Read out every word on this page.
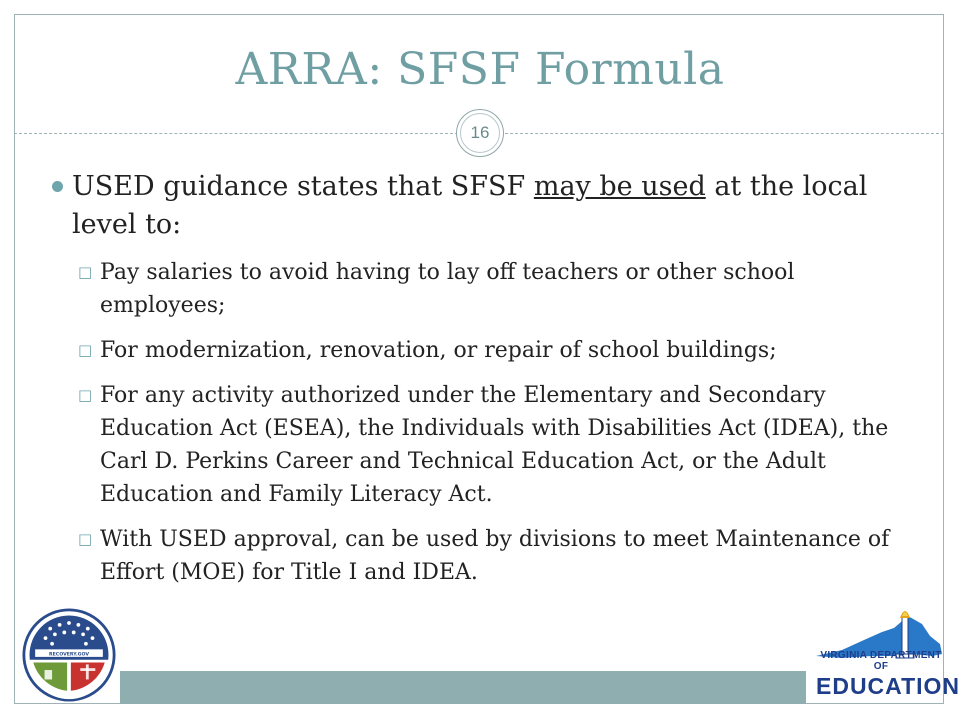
ARRA: SFSF Formula
16
USED guidance states that SFSF may be used at the local level to:
□ Pay salaries to avoid having to lay off teachers or other school employees;
□ For modernization, renovation, or repair of school buildings;
□ For any activity authorized under the Elementary and Secondary Education Act (ESEA), the Individuals with Disabilities Act (IDEA), the Carl D. Perkins Career and Technical Education Act, or the Adult Education and Family Literacy Act.
□ With USED approval, can be used by divisions to meet Maintenance of Effort (MOE) for Title I and IDEA.
RECOVERY.GOV	VIRGINIA DEPARTMENT OF
EDUCATION
